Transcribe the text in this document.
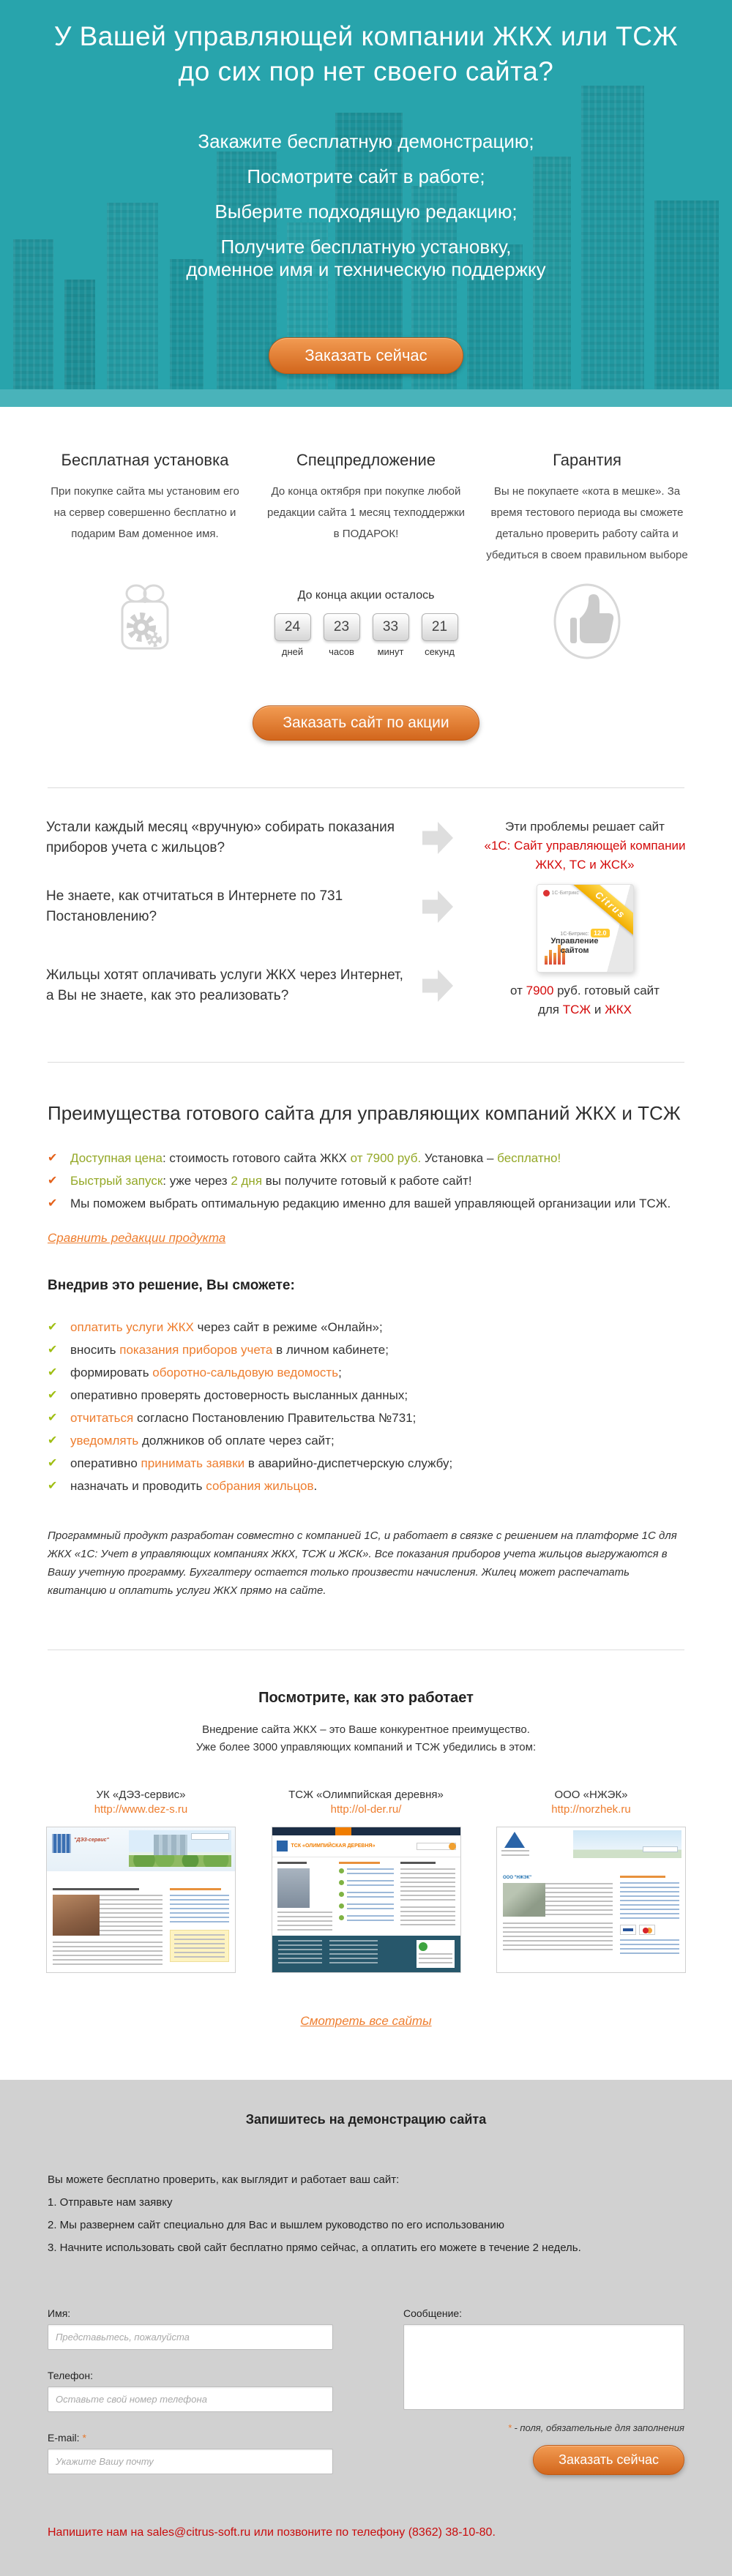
У Вашей управляющей компании ЖКХ или ТСЖ
до сих пор нет своего сайта?
Закажите бесплатную демонстрацию;
Посмотрите сайт в работе;
Выберите подходящую редакцию;
Получите бесплатную установку,
доменное имя и техническую поддержку
Заказать сейчас
Бесплатная установка

При покупке сайта мы установим его на сервер совершенно бесплатно и подарим Вам доменное имя.

Спецпредложение

До конца октября при покупке любой редакции сайта 1 месяц техподдержки в ПОДАРОК!

Гарантия

Вы не покупаете «кота в мешке». За время тестового периода вы сможете детально проверить работу сайта и убедиться в своем правильном выборе

До конца акции осталось
24
дней
23
часов
33
минут
21
секунд
Заказать сайт по акции
Устали каждый месяц «вручную» собирать показания приборов учета с жильцов?
Не знаете, как отчитаться в Интернете по 731 Постановлению?
Жильцы хотят оплачивать услуги ЖКХ через Интернет, а Вы не знаете, как это реализовать?
Эти проблемы решает сайт
«1С: Сайт управляющей компании ЖКХ, ТС и ЖСК»
1С-Битрикс	Citrus
12.0
1С-Битрикс:
Управление
сайтом
от 7900 руб. готовый сайт
для ТСЖ и ЖКХ
Преимущества готового сайта для управляющих компаний ЖКХ и ТСЖ
✔ Доступная цена: стоимость готового сайта ЖКХ от 7900 руб. Установка – бесплатно!
✔ Быстрый запуск: уже через 2 дня вы получите готовый к работе сайт!
✔ Мы поможем выбрать оптимальную редакцию именно для вашей управляющей организации или ТСЖ.
Сравнить редакции продукта
Внедрив это решение, Вы сможете:
✔ оплатить услуги ЖКХ через сайт в режиме «Онлайн»;
✔ вносить показания приборов учета в личном кабинете;
✔ формировать оборотно-сальдовую ведомость;
✔ оперативно проверять достоверность высланных данных;
✔ отчитаться согласно Постановлению Правительства №731;
✔ уведомлять должников об оплате через сайт;
✔ оперативно принимать заявки в аварийно-диспетчерскую службу;
✔ назначать и проводить собрания жильцов.

Программный продукт разработан совместно с компанией 1С, и работает в связке с решением на платформе 1С для ЖКХ «1С: Учет в управляющих компаниях ЖКХ, ТСЖ и ЖСК». Все показания приборов учета жильцов выгружаются в Вашу учетную программу. Бухгалтеру остается только произвести начисления. Жилец может распечатать квитанцию и оплатить услуги ЖКХ прямо на сайте.

Посмотрите, как это работает
Внедрение сайта ЖКХ – это Ваше конкурентное преимущество.
Уже более 3000 управляющих компаний и ТСЖ убедились в этом:
УК «ДЭЗ-сервис»
http://www.dez-s.ru
"ДЭЗ-сервис"
ТСЖ «Олимпийская деревня»
http://ol-der.ru/
ТСК «ОЛИМПИЙСКАЯ ДЕРЕВНЯ»
ООО «НЖЭК»
http://norzhek.ru
ООО "НЖЭК"
Смотреть все сайты
Запишитесь на демонстрацию сайта
Вы можете бесплатно проверить, как выглядит и работает ваш сайт:
1. Отправьте нам заявку
2. Мы развернем сайт специально для Вас и вышлем руководство по его использованию
3. Начните использовать свой сайт бесплатно прямо сейчас, а оплатить его можете в течение 2 недель.
Имя:
Представьтесь, пожалуйста
Телефон:
Оставьте свой номер телефона
E-mail: *
Укажите Вашу почту
Сообщение:
* - поля, обязательные для заполнения
Заказать сейчас
Напишите нам на sales@citrus-soft.ru или позвоните по телефону (8362) 38-10-80.
